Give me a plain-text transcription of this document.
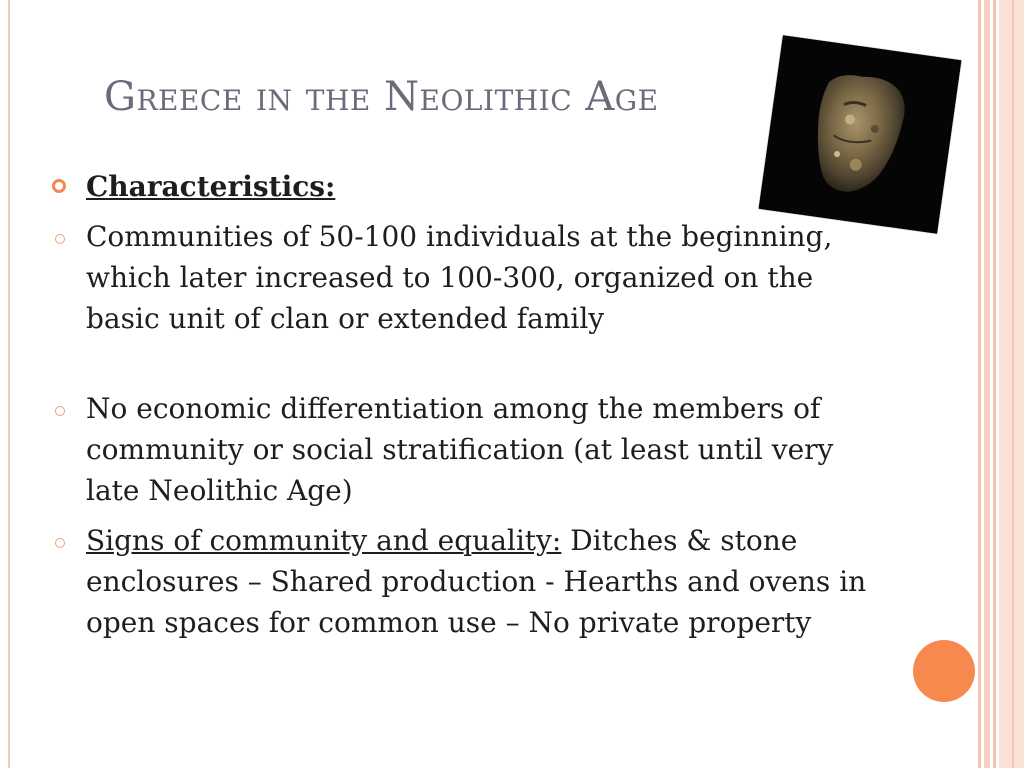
Greece in the Neolithic Age
Characteristics:
Communities of 50-100 individuals at the beginning, which later increased to 100-300, organized on the basic unit of clan or extended family
No economic differentiation among the members of community or social stratification (at least until very late Neolithic Age)
Signs of community and equality: Ditches & stone enclosures – Shared production - Hearths and ovens in open spaces for common use – No private property
